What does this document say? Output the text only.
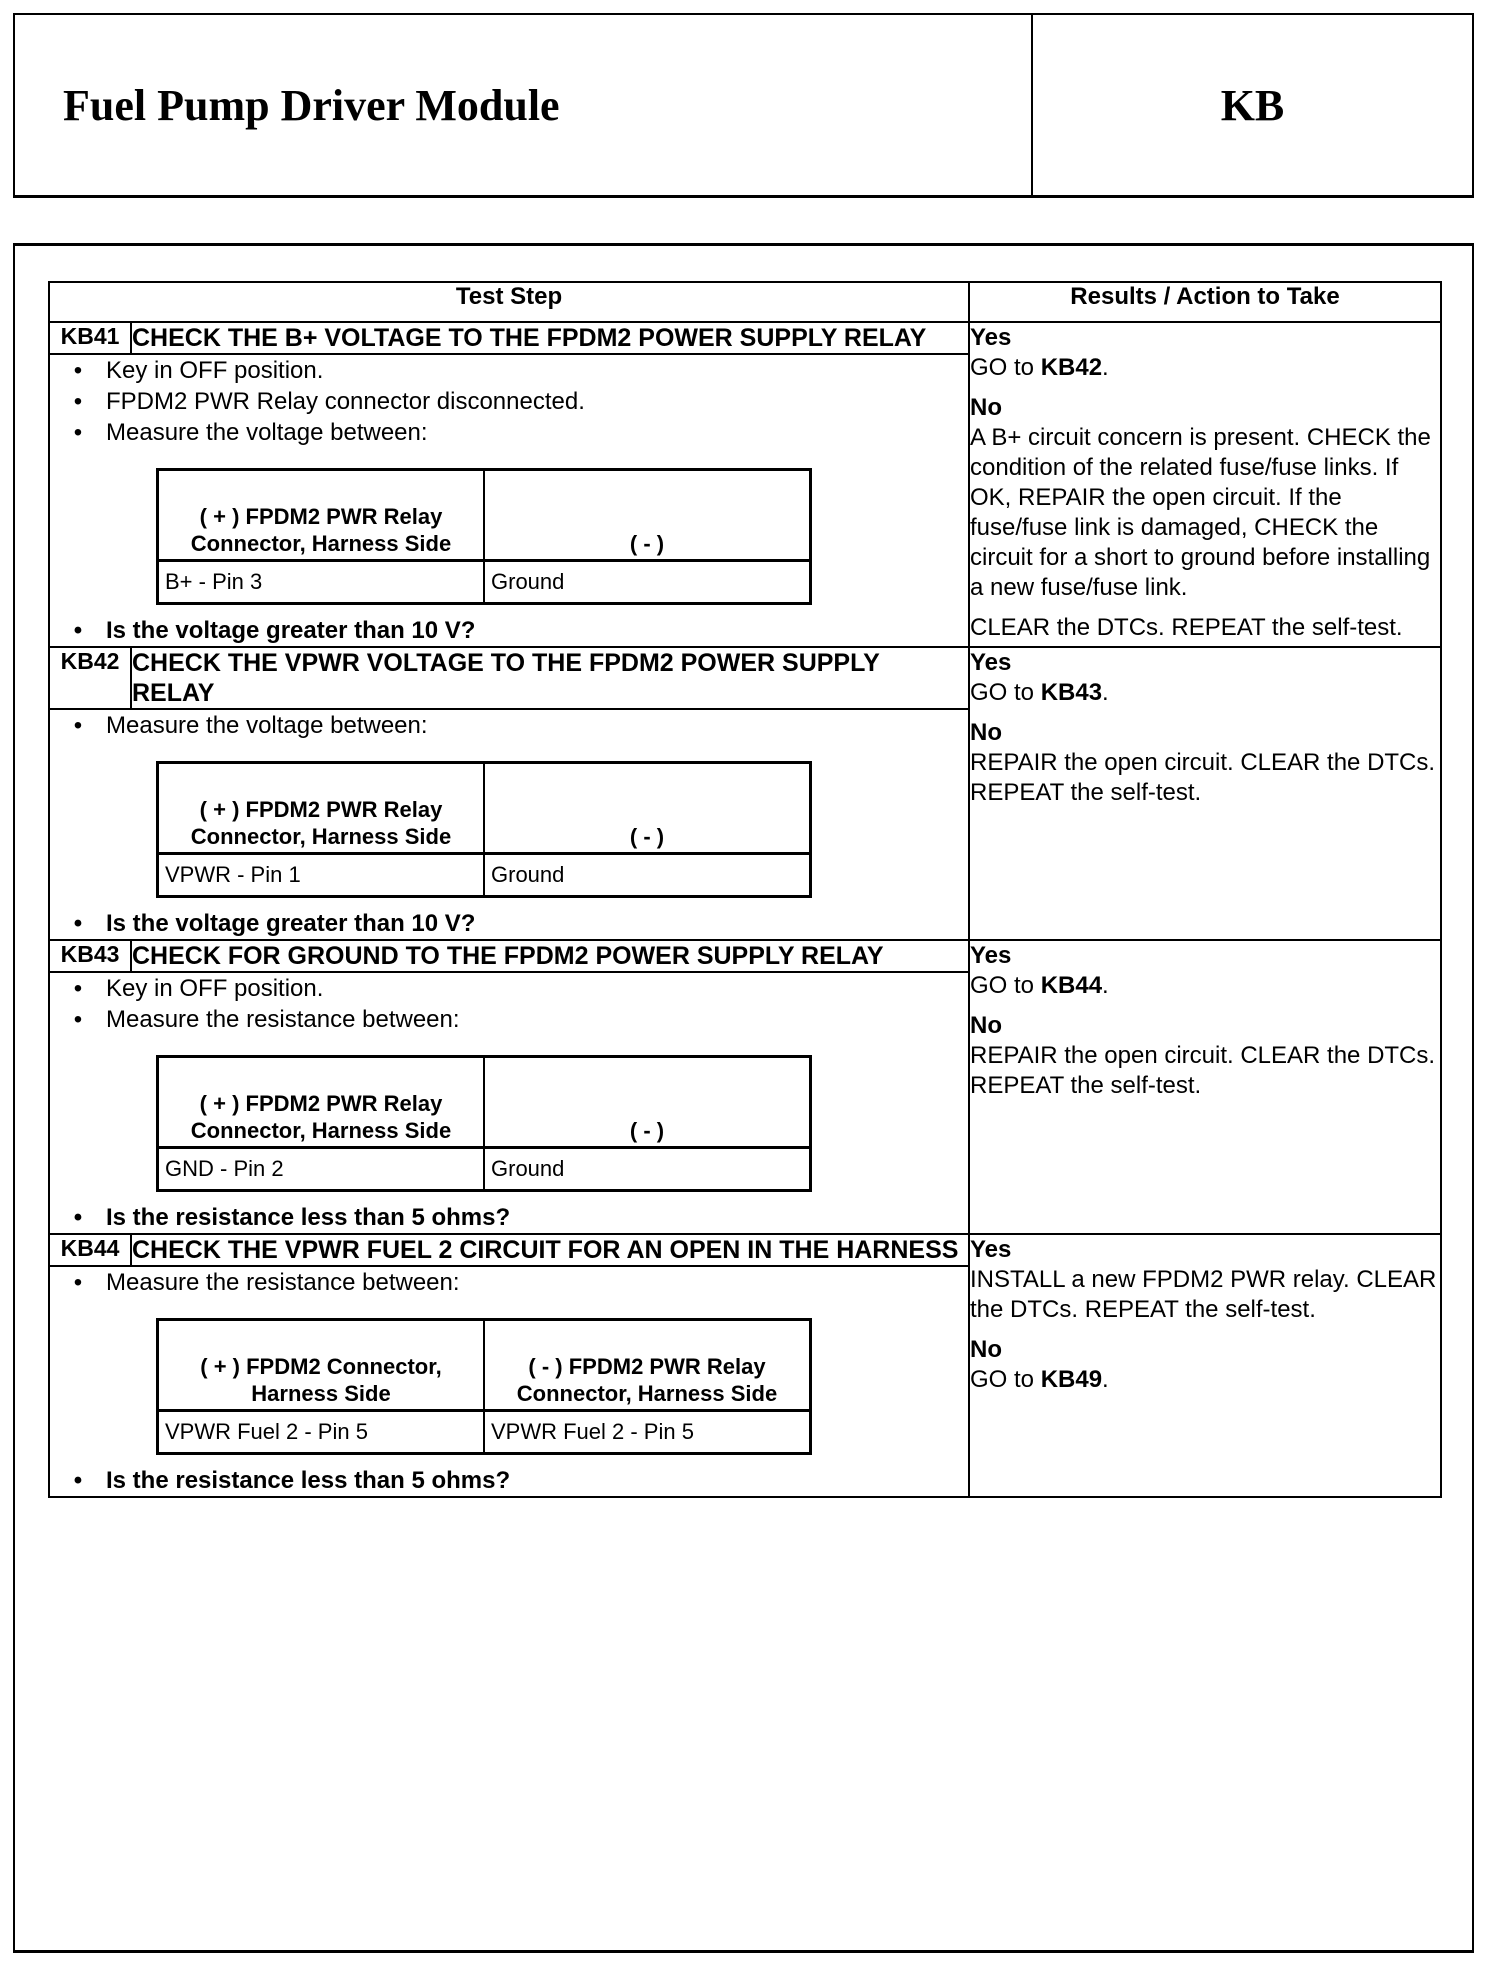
Fuel Pump Driver Module	KB
Test Step	Results / Action to Take
KB41	CHECK THE B+ VOLTAGE TO THE FPDM2 POWER SUPPLY RELAY	Yes
GO to KB42.
No
A B+ circuit concern is present. CHECK the condition of the related fuse/fuse links. If OK, REPAIR the open circuit. If the fuse/fuse link is damaged, CHECK the circuit for a short to ground before installing a new fuse/fuse link.
CLEAR the DTCs. REPEAT the self-test.

• Key in OFF position.
• FPDM2 PWR Relay connector disconnected.
• Measure the voltage between:
( + ) FPDM2 PWR Relay Connector, Harness Side	( - )
B+ - Pin 3	Ground
• Is the voltage greater than 10 V?

KB42	CHECK THE VPWR VOLTAGE TO THE FPDM2 POWER SUPPLY RELAY	
Yes
GO to KB43.
No
REPAIR the open circuit. CLEAR the DTCs. REPEAT the self-test.

• Measure the voltage between:
( + ) FPDM2 PWR Relay Connector, Harness Side	( - )
VPWR - Pin 1	Ground
• Is the voltage greater than 10 V?

KB43	CHECK FOR GROUND TO THE FPDM2 POWER SUPPLY RELAY	Yes
GO to KB44.
No
REPAIR the open circuit. CLEAR the DTCs. REPEAT the self-test.

• Key in OFF position.
• Measure the resistance between:
( + ) FPDM2 PWR Relay Connector, Harness Side	( - )
GND - Pin 2	Ground
• Is the resistance less than 5 ohms?

KB44	CHECK THE VPWR FUEL 2 CIRCUIT FOR AN OPEN IN THE HARNESS	Yes
INSTALL a new FPDM2 PWR relay. CLEAR the DTCs. REPEAT the self-test.
No
GO to KB49.

• Measure the resistance between:
( + ) FPDM2 Connector, Harness Side	( - ) FPDM2 PWR Relay Connector, Harness Side
VPWR Fuel 2 - Pin 5	VPWR Fuel 2 - Pin 5
• Is the resistance less than 5 ohms?
